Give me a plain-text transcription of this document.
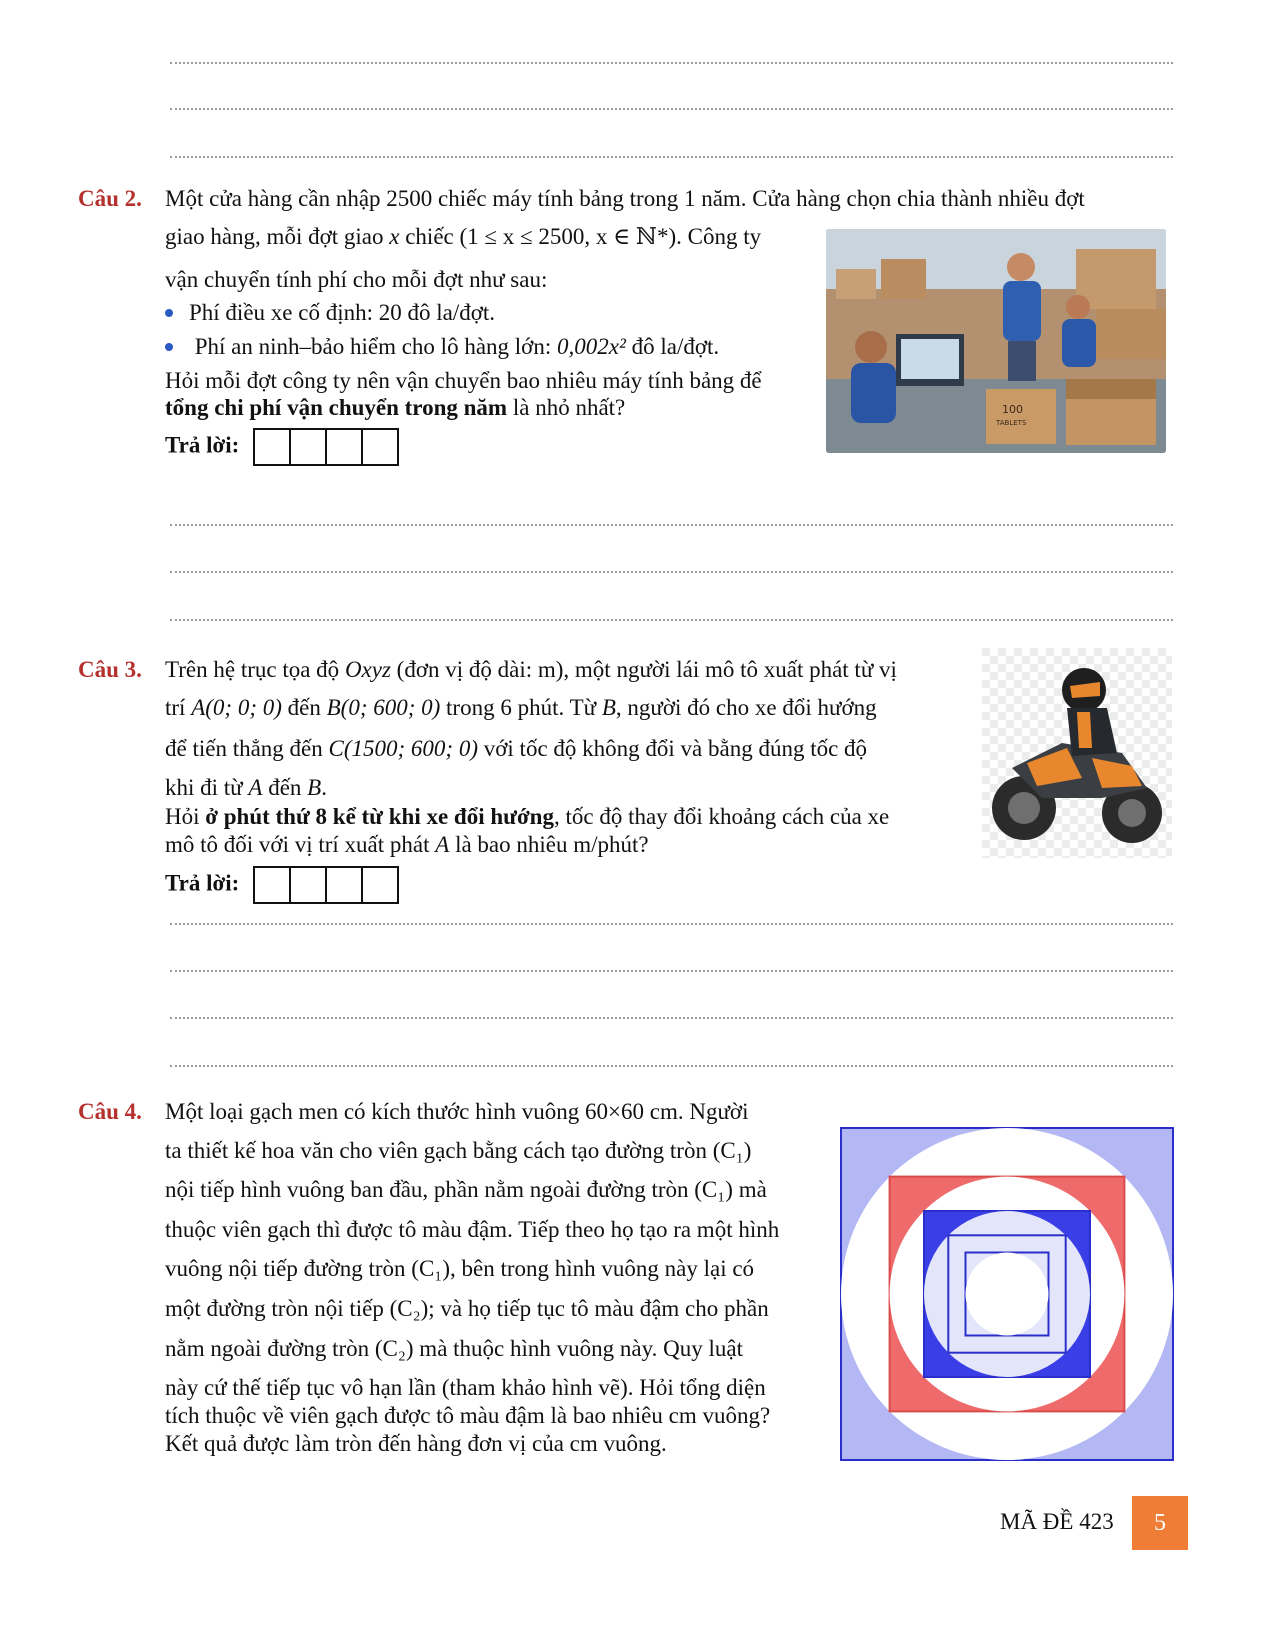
Câu 2. Một cửa hàng cần nhập 2500 chiếc máy tính bảng trong 1 năm. Cửa hàng chọn chia thành nhiều đợt
giao hàng, mỗi đợt giao x chiếc (1 ≤ x ≤ 2500, x ∈ ℕ*). Công ty
vận chuyển tính phí cho mỗi đợt như sau:
Phí điều xe cố định: 20 đô la/đợt.
Phí an ninh–bảo hiểm cho lô hàng lớn: 0,002x² đô la/đợt.
Hỏi mỗi đợt công ty nên vận chuyển bao nhiêu máy tính bảng để
tổng chi phí vận chuyển trong năm là nhỏ nhất?
Trả lời:
100
TABLETS
Câu 3. Trên hệ trục tọa độ Oxyz (đơn vị độ dài: m), một người lái mô tô xuất phát từ vị
trí A(0; 0; 0) đến B(0; 600; 0) trong 6 phút. Từ B, người đó cho xe đổi hướng
để tiến thẳng đến C(1500; 600; 0) với tốc độ không đổi và bằng đúng tốc độ
khi đi từ A đến B.
Hỏi ở phút thứ 8 kể từ khi xe đổi hướng, tốc độ thay đổi khoảng cách của xe
mô tô đối với vị trí xuất phát A là bao nhiêu m/phút?
Trả lời:
Câu 4. Một loại gạch men có kích thước hình vuông 60×60 cm. Người
ta thiết kế hoa văn cho viên gạch bằng cách tạo đường tròn (C₁)
nội tiếp hình vuông ban đầu, phần nằm ngoài đường tròn (C₁) mà
thuộc viên gạch thì được tô màu đậm. Tiếp theo họ tạo ra một hình
vuông nội tiếp đường tròn (C₁), bên trong hình vuông này lại có
một đường tròn nội tiếp (C₂); và họ tiếp tục tô màu đậm cho phần
nằm ngoài đường tròn (C₂) mà thuộc hình vuông này. Quy luật
này cứ thế tiếp tục vô hạn lần (tham khảo hình vẽ). Hỏi tổng diện
tích thuộc về viên gạch được tô màu đậm là bao nhiêu cm vuông?
Kết quả được làm tròn đến hàng đơn vị của cm vuông.
MÃ ĐỀ 423	5
